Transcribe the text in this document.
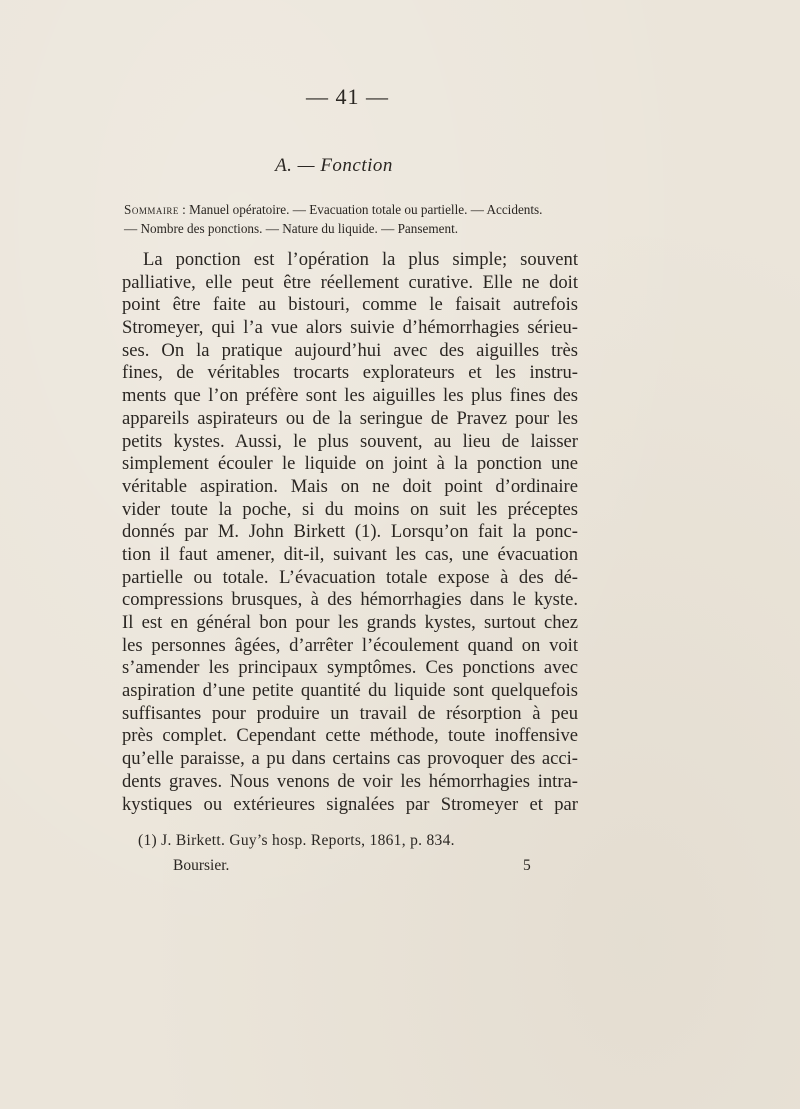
— 41 —
A. — Fonction
Sommaire : Manuel opératoire. — Evacuation totale ou partielle. — Accidents.
— Nombre des ponctions. — Nature du liquide. — Pansement.
La ponction est l’opération la plus simple; souvent
palliative, elle peut être réellement curative. Elle ne doit
point être faite au bistouri, comme le faisait autrefois
Stromeyer, qui l’a vue alors suivie d’hémorrhagies sérieu-
ses. On la pratique aujourd’hui avec des aiguilles très
fines, de véritables trocarts explorateurs et les instru-
ments que l’on préfère sont les aiguilles les plus fines des
appareils aspirateurs ou de la seringue de Pravez pour les
petits kystes. Aussi, le plus souvent, au lieu de laisser
simplement écouler le liquide on joint à la ponction une
véritable aspiration. Mais on ne doit point d’ordinaire
vider toute la poche, si du moins on suit les préceptes
donnés par M. John Birkett (1). Lorsqu’on fait la ponc-
tion il faut amener, dit-il, suivant les cas, une évacuation
partielle ou totale. L’évacuation totale expose à des dé-
compressions brusques, à des hémorrhagies dans le kyste.
Il est en général bon pour les grands kystes, surtout chez
les personnes âgées, d’arrêter l’écoulement quand on voit
s’amender les principaux symptômes. Ces ponctions avec
aspiration d’une petite quantité du liquide sont quelquefois
suffisantes pour produire un travail de résorption à peu
près complet. Cependant cette méthode, toute inoffensive
qu’elle paraisse, a pu dans certains cas provoquer des acci-
dents graves. Nous venons de voir les hémorrhagies intra-
kystiques ou extérieures signalées par Stromeyer et par
(1) J. Birkett. Guy’s hosp. Reports, 1861, p. 834.
Boursier.	5
